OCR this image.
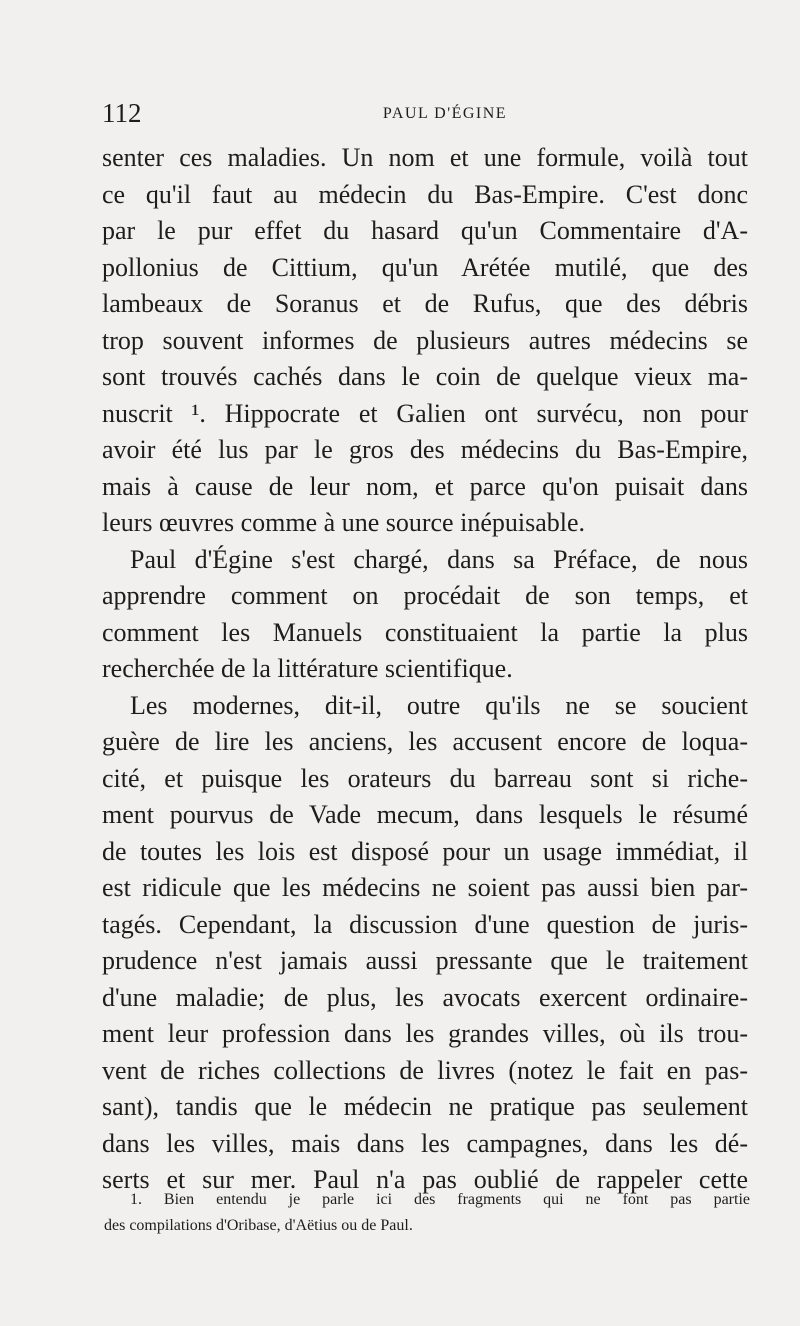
112	PAUL D'ÉGINE
senter ces maladies. Un nom et une formule, voilà tout
ce qu'il faut au médecin du Bas-Empire. C'est donc
par le pur effet du hasard qu'un Commentaire d'A-
pollonius de Cittium, qu'un Arétée mutilé, que des
lambeaux de Soranus et de Rufus, que des débris
trop souvent informes de plusieurs autres médecins se
sont trouvés cachés dans le coin de quelque vieux ma-
nuscrit ¹. Hippocrate et Galien ont survécu, non pour
avoir été lus par le gros des médecins du Bas-Empire,
mais à cause de leur nom, et parce qu'on puisait dans
leurs œuvres comme à une source inépuisable.
Paul d'Égine s'est chargé, dans sa Préface, de nous
apprendre comment on procédait de son temps, et
comment les Manuels constituaient la partie la plus
recherchée de la littérature scientifique.
Les modernes, dit-il, outre qu'ils ne se soucient
guère de lire les anciens, les accusent encore de loqua-
cité, et puisque les orateurs du barreau sont si riche-
ment pourvus de Vade mecum, dans lesquels le résumé
de toutes les lois est disposé pour un usage immédiat, il
est ridicule que les médecins ne soient pas aussi bien par-
tagés. Cependant, la discussion d'une question de juris-
prudence n'est jamais aussi pressante que le traitement
d'une maladie; de plus, les avocats exercent ordinaire-
ment leur profession dans les grandes villes, où ils trou-
vent de riches collections de livres (notez le fait en pas-
sant), tandis que le médecin ne pratique pas seulement
dans les villes, mais dans les campagnes, dans les dé-
serts et sur mer. Paul n'a pas oublié de rappeler cette
1. Bien entendu je parle ici des fragments qui ne font pas partie
des compilations d'Oribase, d'Aëtius ou de Paul.
